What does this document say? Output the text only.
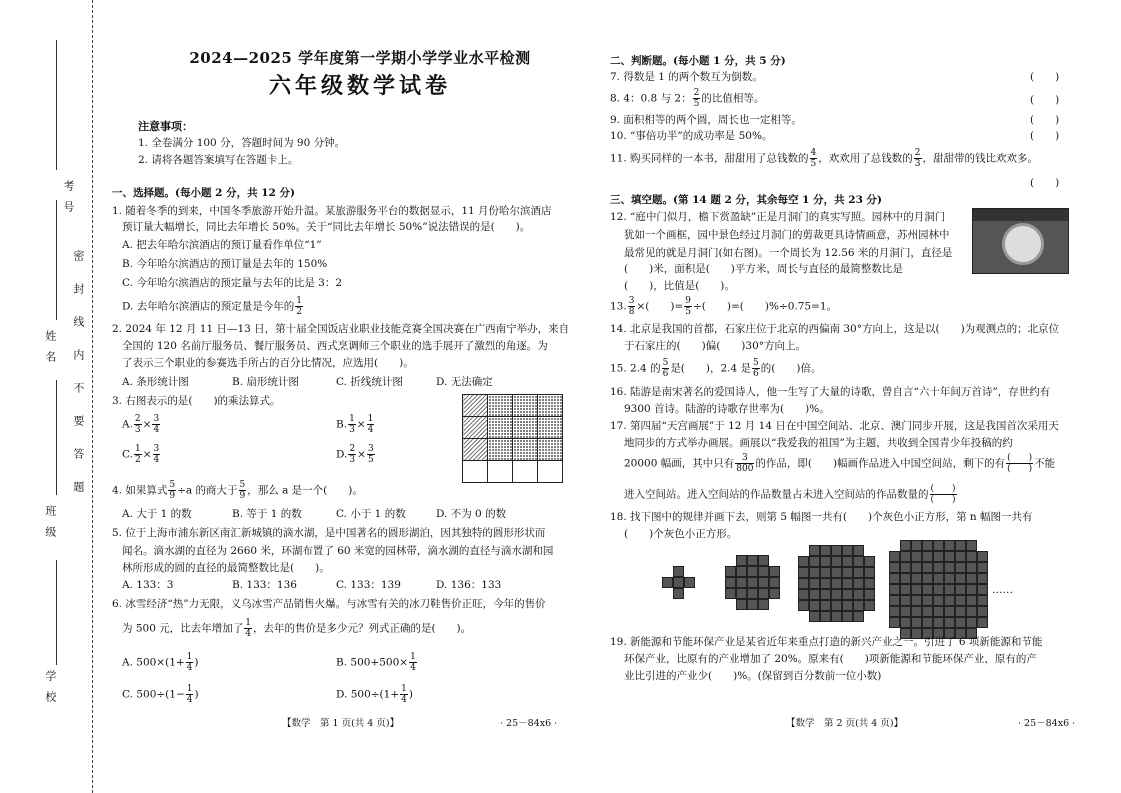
考号
姓名
班级
学校
密封线内不要答题
2024—2025 学年度第一学期小学学业水平检测
六年级数学试卷
注意事项：
1. 全卷满分 100 分，答题时间为 90 分钟。
2. 请将各题答案填写在答题卡上。
一、选择题。(每小题 2 分，共 12 分)
1. 随着冬季的到来，中国冬季旅游开始升温。某旅游服务平台的数据显示，11 月份哈尔滨酒店
预订量大幅增长，同比去年增长 50%。关于“同比去年增长 50%”说法错误的是(　　)。
A. 把去年哈尔滨酒店的预订量看作单位“1”
B. 今年哈尔滨酒店的预订量是去年的 150%
C. 今年哈尔滨酒店的预定量与去年的比是 3：2
D. 去年哈尔滨酒店的预定量是今年的 $\frac{1}{2}$
2. 2024 年 12 月 11 日—13 日，第十届全国饭店业职业技能竞赛全国决赛在广西南宁举办，来自
全国的 120 名前厅服务员、餐厅服务员、西式烹调师三个职业的选手展开了激烈的角逐。为
了表示三个职业的参赛选手所占的百分比情况，应选用(　　)。
A. 条形统计图	B. 扇形统计图	C. 折线统计图	D. 无法确定
3. 右图表示的是(　　)的乘法算式。
A. $\frac{2}{3} \times \frac{3}{4}$	B. $\frac{1}{3} \times \frac{1}{4}$
C. $\frac{1}{2} \times \frac{3}{4}$	D. $\frac{2}{3} \times \frac{3}{5}$

4. 如果算式 $\frac{5}{9} \div a$ 的商大于 $\frac{5}{9}$ ，那么 a 是一个(　　)。
A. 大于 1 的数	B. 等于 1 的数	C. 小于 1 的数	D. 不为 0 的数
5. 位于上海市浦东新区南汇新城镇的滴水湖，是中国著名的圆形湖泊，因其独特的圆形形状而
闻名。滴水湖的直径为 2660 米，环湖布置了 60 米宽的园林带，滴水湖的直径与滴水湖和园
林所形成的圆的直径的最简整数比是(　　)。
A. 133：3	B. 133：136	C. 133：139	D. 136：133
6. 冰雪经济“热”力无限，义乌冰雪产品销售火爆。与冰雪有关的冰刀鞋售价正旺，今年的售价
为 500 元，比去年增加了 $\frac{1}{4}$ ，去年的售价是多少元？列式正确的是(　　)。
A. $500\times(1+ \frac{1}{4}$ )	B. $500+500\times \frac{1}{4}$
C. $500\div(1- \frac{1}{4}$ )	D. $500\div(1+ \frac{1}{4}$ )
【数学　第 1 页(共 4 页)】	· 25－84x6 ·
二、判断题。(每小题 1 分，共 5 分)
7. 得数是 1 的两个数互为倒数。	(　　)
8. 4：0.8 与 2： $\frac{2}{5}$ 的比值相等。	(　　)
9. 面积相等的两个圆，周长也一定相等。	(　　)
10. “事倍功半”的成功率是 50%。	(　　)
11. 购买同样的一本书，甜甜用了总钱数的 $\frac{4}{5}$ ，欢欢用了总钱数的 $\frac{2}{3}$ ，甜甜带的钱比欢欢多。
(　　)
三、填空题。(第 14 题 2 分，其余每空 1 分，共 23 分)
12. “庭中门似月，檐下赏盈缺”正是月洞门的真实写照。园林中的月洞门
犹如一个画框，园中景色经过月洞门的剪裁更具诗情画意，苏州园林中
最常见的就是月洞门(如右图)。一个周长为 12.56 米的月洞门，直径是
(　　)米，面积是(　　)平方米，周长与直径的最简整数比是
(　　)，比值是(　　)。
13. $\frac{3}{8}$ ×(　　)= $\frac{9}{5}$ ÷(　　)=(　　)%÷0.75=1。
14. 北京是我国的首都，石家庄位于北京的西偏南 30°方向上，这是以(　　)为观测点的；北京位
于石家庄的(　　)偏(　　)30°方向上。
15. 2.4 的 $\frac{5}{6}$ 是(　　)，2.4 是 $\frac{5}{6}$ 的(　　)倍。
16. 陆游是南宋著名的爱国诗人，他一生写了大量的诗歌，曾自言“六十年间万首诗”，存世约有
9300 首诗。陆游的诗歌存世率为(　　)%。
17. 第四届“天宫画展”于 12 月 14 日在中国空间站、北京、澳门同步开展，这是我国首次采用天
地同步的方式举办画展。画展以“我爱我的祖国”为主题，共收到全国青少年投稿的约
20000 幅画，其中只有 $\frac{3}{800}$ 的作品，即(　　)幅画作品进入中国空间站，剩下的有 $\frac{( )}{( )}$ 不能
进入空间站。进入空间站的作品数量占未进入空间站的作品数量的 $\frac{( )}{( )}$
18. 找下图中的规律并画下去，则第 5 幅图一共有(　　)个灰色小正方形，第 n 幅图一共有
(　　)个灰色小正方形。
……
19. 新能源和节能环保产业是某省近年来重点打造的新兴产业之一。引进了 6 项新能源和节能
环保产业，比原有的产业增加了 20%。原来有(　　)项新能源和节能环保产业，原有的产
业比引进的产业少(　　)%。(保留到百分数前一位小数)
【数学　第 2 页(共 4 页)】	· 25－84x6 ·
